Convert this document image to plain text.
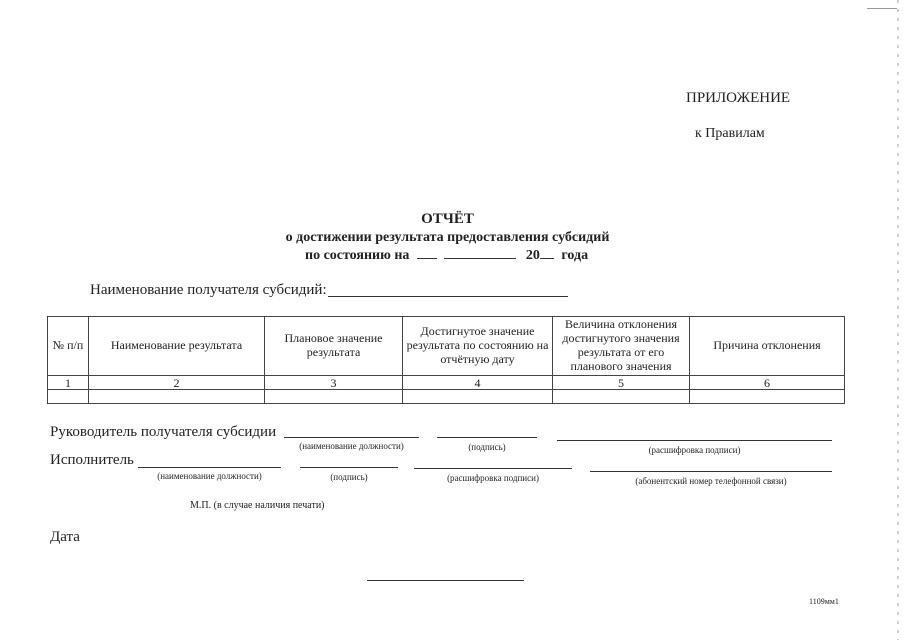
ПРИЛОЖЕНИЕ
к Правилам
ОТЧЁТ
о достижении результата предоставления субсидий
по состоянию на	20 года
Наименование получателя субсидий:
№ п/п	Наименование результата	Плановое значение результата	Достигнутое значение результата по состоянию на отчётную дату	Величина отклонения достигнутого значения результата от его планового значения	Причина отклонения
1	2	3	4	5	6

Руководитель получателя субсидии
(наименование должности)	(подпись)	(расшифровка подписи)
Исполнитель
(наименование должности)	(подпись)	(расшифровка подписи)	(абонентский номер телефонной связи)
М.П. (в случае наличия печати)
Дата
1109мм1
